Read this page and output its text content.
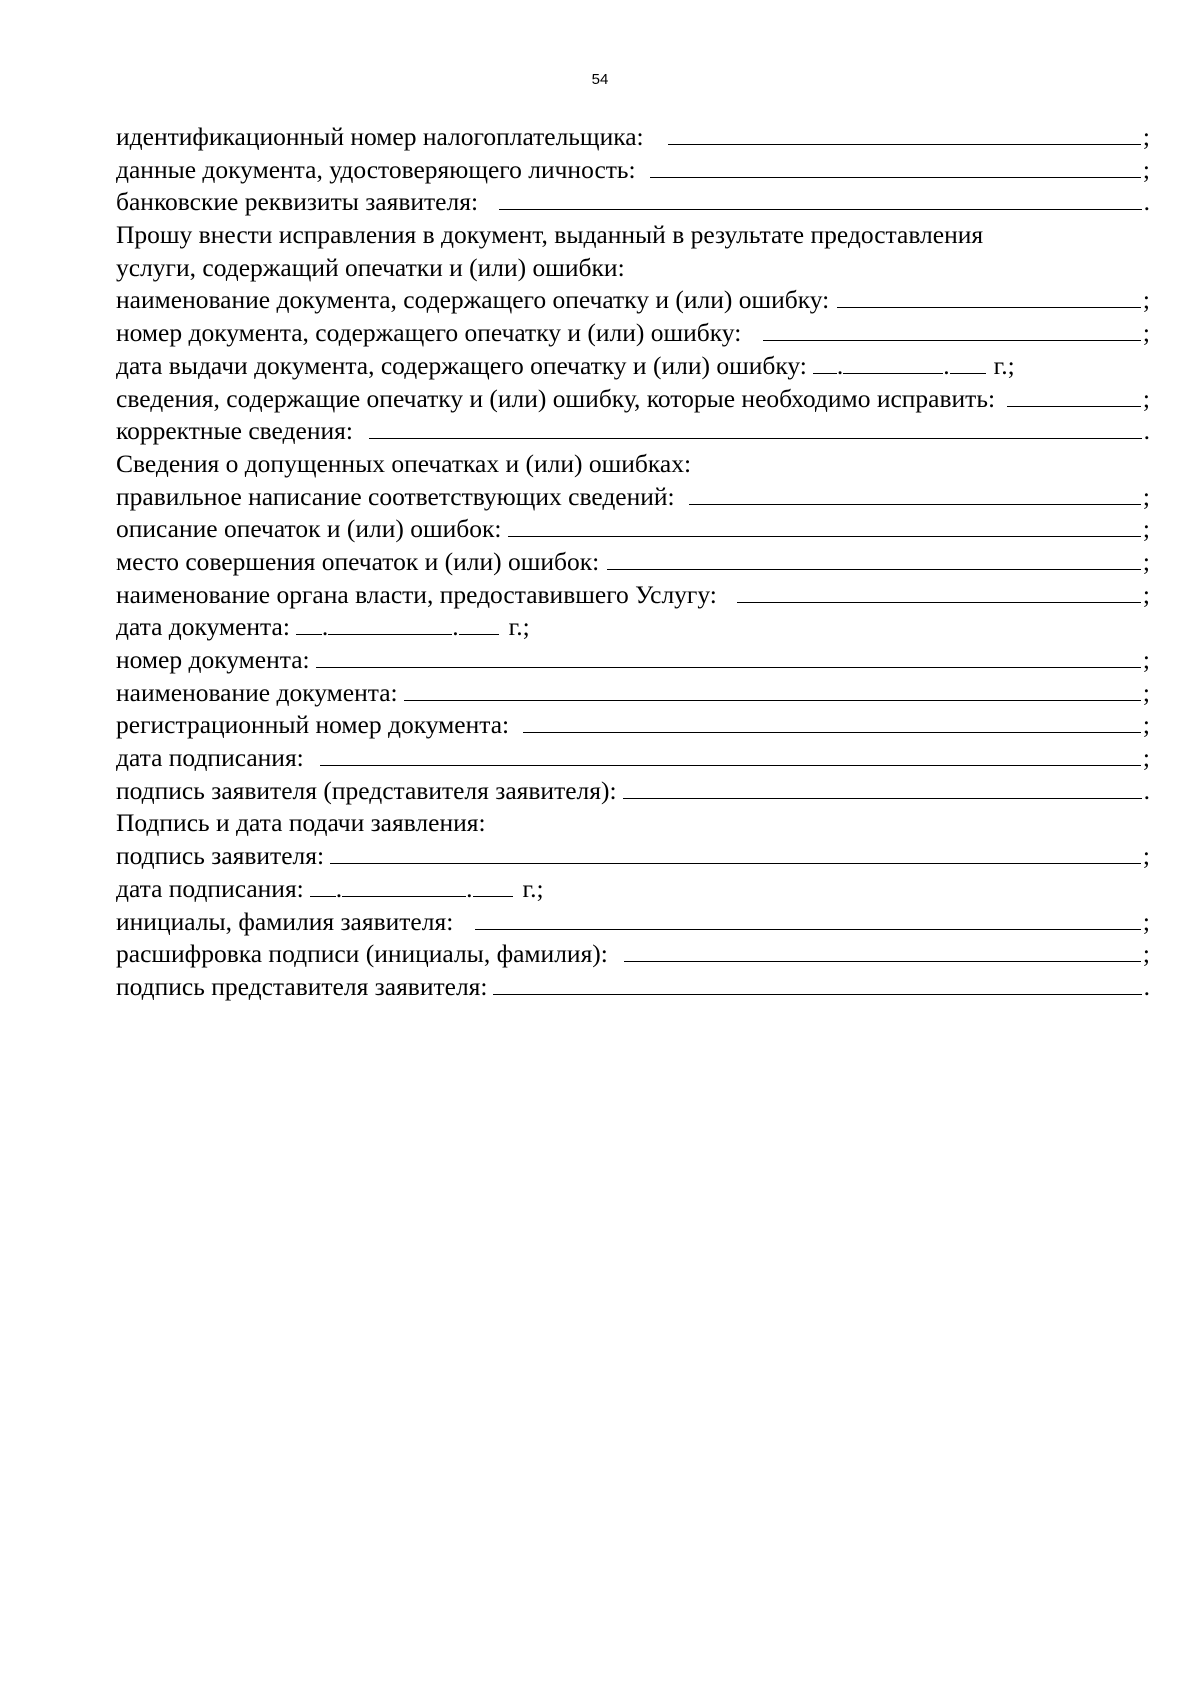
54
идентификационный номер налогоплательщика:	;
данные документа, удостоверяющего личность:	;
банковские реквизиты заявителя:	.
Прошу внести исправления в документ, выданный в результате предоставления
услуги, содержащий опечатки и (или) ошибки:
наименование документа, содержащего опечатку и (или) ошибку:	;
номер документа, содержащего опечатку и (или) ошибку:	;
дата выдачи документа, содержащего опечатку и (или) ошибку: .	. г.;
сведения, содержащие опечатку и (или) ошибку, которые необходимо исправить:	;
корректные сведения:	.
Сведения о допущенных опечатках и (или) ошибках:
правильное написание соответствующих сведений:	;
описание опечаток и (или) ошибок:	;
место совершения опечаток и (или) ошибок:	;
наименование органа власти, предоставившего Услугу:	;
дата документа: .	. г.;
номер документа:	;
наименование документа:	;
регистрационный номер документа:	;
дата подписания:	;
подпись заявителя (представителя заявителя):	.
Подпись и дата подачи заявления:
подпись заявителя:	;
дата подписания: .	. г.;
инициалы, фамилия заявителя:	;
расшифровка подписи (инициалы, фамилия):	;
подпись представителя заявителя:	.
